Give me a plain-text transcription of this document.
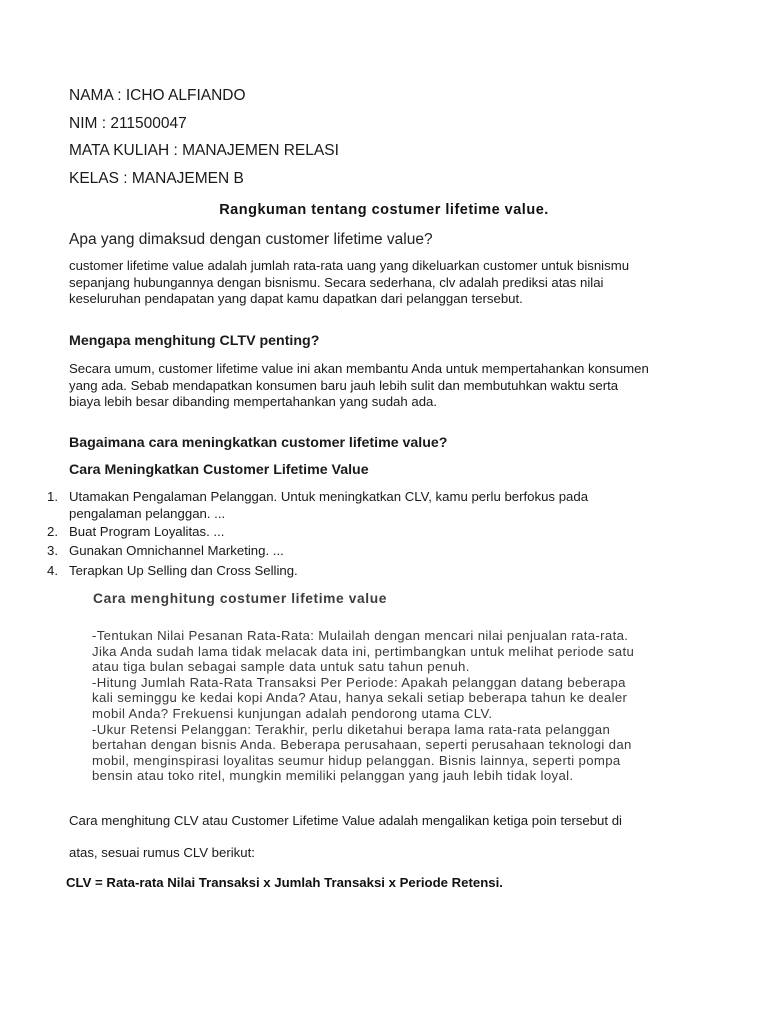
NAMA : ICHO ALFIANDO

NIM : 211500047

MATA KULIAH : MANAJEMEN RELASI

KELAS : MANAJEMEN B

Rangkuman tentang costumer lifetime value.

Apa yang dimaksud dengan customer lifetime value?

customer lifetime value adalah jumlah rata-rata uang yang dikeluarkan customer untuk bisnismu
sepanjang hubungannya dengan bisnismu. Secara sederhana, clv adalah prediksi atas nilai
keseluruhan pendapatan yang dapat kamu dapatkan dari pelanggan tersebut.
Mengapa menghitung CLTV penting?
Secara umum, customer lifetime value ini akan membantu Anda untuk mempertahankan konsumen
yang ada. Sebab mendapatkan konsumen baru jauh lebih sulit dan membutuhkan waktu serta
biaya lebih besar dibanding mempertahankan yang sudah ada.
Bagaimana cara meningkatkan customer lifetime value?
Cara Meningkatkan Customer Lifetime Value
1. Utamakan Pengalaman Pelanggan. Untuk meningkatkan CLV, kamu perlu berfokus pada
pengalaman pelanggan. ...
2. Buat Program Loyalitas. ...
3. Gunakan Omnichannel Marketing. ...
4. Terapkan Up Selling dan Cross Selling.
Cara menghitung costumer lifetime value
-Tentukan Nilai Pesanan Rata-Rata: Mulailah dengan mencari nilai penjualan rata-rata.
Jika Anda sudah lama tidak melacak data ini, pertimbangkan untuk melihat periode satu
atau tiga bulan sebagai sample data untuk satu tahun penuh.
-Hitung Jumlah Rata-Rata Transaksi Per Periode: Apakah pelanggan datang beberapa
kali seminggu ke kedai kopi Anda? Atau, hanya sekali setiap beberapa tahun ke dealer
mobil Anda? Frekuensi kunjungan adalah pendorong utama CLV.
-Ukur Retensi Pelanggan: Terakhir, perlu diketahui berapa lama rata-rata pelanggan
bertahan dengan bisnis Anda. Beberapa perusahaan, seperti perusahaan teknologi dan
mobil, menginspirasi loyalitas seumur hidup pelanggan. Bisnis lainnya, seperti pompa
bensin atau toko ritel, mungkin memiliki pelanggan yang jauh lebih tidak loyal.

Cara menghitung CLV atau Customer Lifetime Value adalah mengalikan ketiga poin tersebut di

atas, sesuai rumus CLV berikut:

CLV = Rata-rata Nilai Transaksi x Jumlah Transaksi x Periode Retensi.
